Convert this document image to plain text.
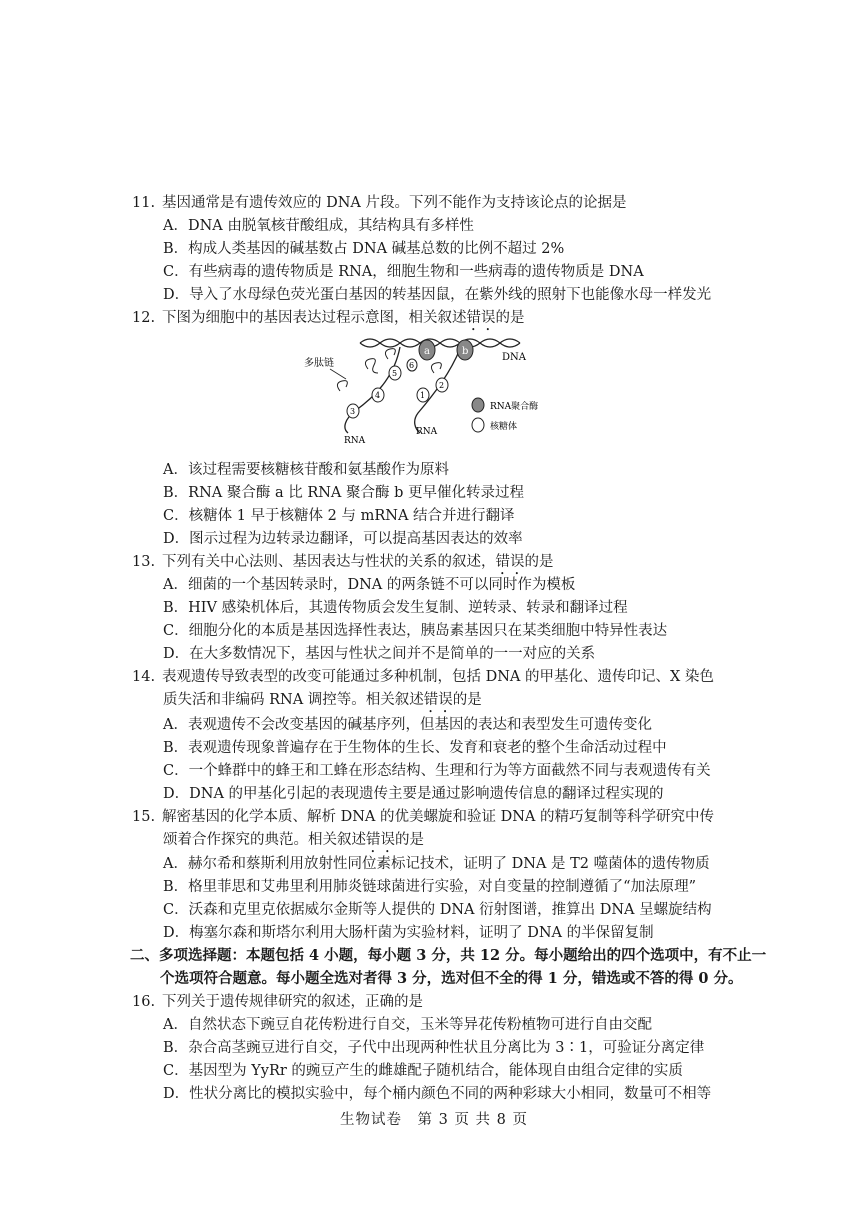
11. 基因通常是有遗传效应的 DNA 片段。下列不能作为支持该论点的论据是
A．DNA 由脱氧核苷酸组成，其结构具有多样性
B．构成人类基因的碱基数占 DNA 碱基总数的比例不超过 2%
C．有些病毒的遗传物质是 RNA，细胞生物和一些病毒的遗传物质是 DNA
D．导入了水母绿色荧光蛋白基因的转基因鼠，在紫外线的照射下也能像水母一样发光
12. 下图为细胞中的基因表达过程示意图，相关叙述错误的是
a	b
5
4
3
2
1
6
多肽链
DNA
RNA
RNA
RNA聚合酶
核糖体
A．该过程需要核糖核苷酸和氨基酸作为原料
B．RNA 聚合酶 a 比 RNA 聚合酶 b 更早催化转录过程
C．核糖体 1 早于核糖体 2 与 mRNA 结合并进行翻译
D．图示过程为边转录边翻译，可以提高基因表达的效率
13. 下列有关中心法则、基因表达与性状的关系的叙述，错误的是
A．细菌的一个基因转录时，DNA 的两条链不可以同时作为模板
B．HIV 感染机体后，其遗传物质会发生复制、逆转录、转录和翻译过程
C．细胞分化的本质是基因选择性表达，胰岛素基因只在某类细胞中特异性表达
D．在大多数情况下，基因与性状之间并不是简单的一一对应的关系
14. 表观遗传导致表型的改变可能通过多种机制，包括 DNA 的甲基化、遗传印记、X 染色
质失活和非编码 RNA 调控等。相关叙述错误的是
A．表观遗传不会改变基因的碱基序列，但基因的表达和表型发生可遗传变化
B．表观遗传现象普遍存在于生物体的生长、发育和衰老的整个生命活动过程中
C．一个蜂群中的蜂王和工蜂在形态结构、生理和行为等方面截然不同与表观遗传有关
D．DNA 的甲基化引起的表现遗传主要是通过影响遗传信息的翻译过程实现的
15. 解密基因的化学本质、解析 DNA 的优美螺旋和验证 DNA 的精巧复制等科学研究中传
颂着合作探究的典范。相关叙述错误的是
A．赫尔希和蔡斯利用放射性同位素标记技术，证明了 DNA 是 T2 噬菌体的遗传物质
B．格里菲思和艾弗里利用肺炎链球菌进行实验，对自变量的控制遵循了“加法原理”
C．沃森和克里克依据威尔金斯等人提供的 DNA 衍射图谱，推算出 DNA 呈螺旋结构
D．梅塞尔森和斯塔尔利用大肠杆菌为实验材料，证明了 DNA 的半保留复制
二、多项选择题：本题包括 4 小题，每小题 3 分，共 12 分。每小题给出的四个选项中，有不止一
个选项符合题意。每小题全选对者得 3 分，选对但不全的得 1 分，错选或不答的得 0 分。
16. 下列关于遗传规律研究的叙述，正确的是
A．自然状态下豌豆自花传粉进行自交，玉米等异花传粉植物可进行自由交配
B．杂合高茎豌豆进行自交，子代中出现两种性状且分离比为 3∶1，可验证分离定律
C．基因型为 YyRr 的豌豆产生的雌雄配子随机结合，能体现自由组合定律的实质
D．性状分离比的模拟实验中，每个桶内颜色不同的两种彩球大小相同，数量可不相等
生物试卷　第 3 页 共 8 页
